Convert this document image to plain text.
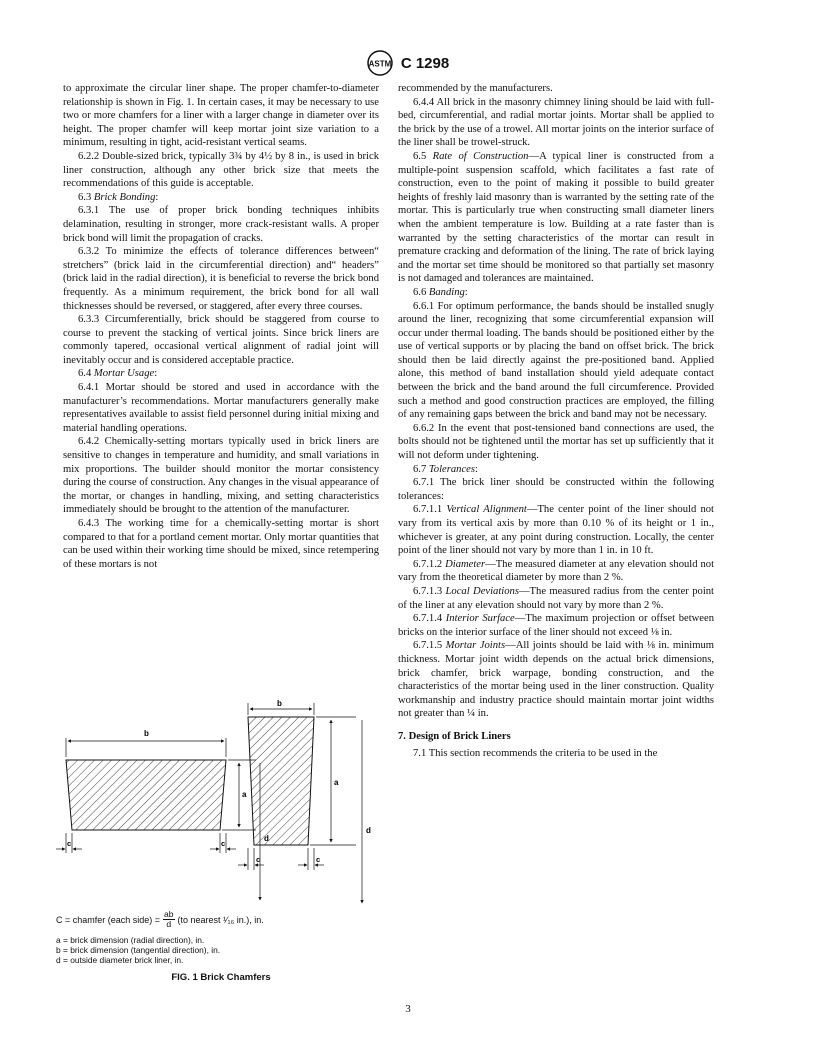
ASTM C 1298

to approximate the circular liner shape. The proper chamfer-to-diameter relationship is shown in Fig. 1. In certain cases, it may be necessary to use two or more chamfers for a liner with a larger change in diameter over its height. The proper chamfer will keep mortar joint size variation to a minimum, resulting in tight, acid-resistant vertical seams.

6.2.2 Double-sized brick, typically 3¾ by 4½ by 8 in., is used in brick liner construction, although any other brick size that meets the recommendations of this guide is acceptable.

6.3 Brick Bonding:

6.3.1 The use of proper brick bonding techniques inhibits delamination, resulting in stronger, more crack-resistant walls. A proper brick bond will limit the propagation of cracks.

6.3.2 To minimize the effects of tolerance differences between“ stretchers” (brick laid in the circumferential direction) and“ headers” (brick laid in the radial direction), it is beneficial to reverse the brick bond frequently. As a minimum requirement, the brick bond for all wall thicknesses should be reversed, or staggered, after every three courses.

6.3.3 Circumferentially, brick should be staggered from course to course to prevent the stacking of vertical joints. Since brick liners are commonly tapered, occasional vertical alignment of radial joint will inevitably occur and is considered acceptable practice.

6.4 Mortar Usage:

6.4.1 Mortar should be stored and used in accordance with the manufacturer’s recommendations. Mortar manufacturers generally make representatives available to assist field personnel during initial mixing and material handling operations.

6.4.2 Chemically-setting mortars typically used in brick liners are sensitive to changes in temperature and humidity, and small variations in mix proportions. The builder should monitor the mortar consistency during the course of construction. Any changes in the visual appearance of the mortar, or changes in handling, mixing, and setting characteristics immediately should be brought to the attention of the manufacturer.

6.4.3 The working time for a chemically-setting mortar is short compared to that for a portland cement mortar. Only mortar quantities that can be used within their working time should be mixed, since retempering of these mortars is not

recommended by the manufacturers.

6.4.4 All brick in the masonry chimney lining should be laid with full-bed, circumferential, and radial mortar joints. Mortar shall be applied to the brick by the use of a trowel. All mortar joints on the interior surface of the liner shall be trowel-struck.

6.5 Rate of Construction—A typical liner is constructed from a multiple-point suspension scaffold, which facilitates a fast rate of construction, even to the point of making it possible to build greater heights of freshly laid masonry than is warranted by the setting rate of the mortar. This is particularly true when constructing small diameter liners when the ambient temperature is low. Building at a rate faster than is warranted by the setting characteristics of the mortar can result in premature cracking and deformation of the lining. The rate of brick laying and the mortar set time should be monitored so that partially set masonry is not damaged and tolerances are maintained.

6.6 Banding:

6.6.1 For optimum performance, the bands should be installed snugly around the liner, recognizing that some circumferential expansion will occur under thermal loading. The bands should be positioned either by the use of vertical supports or by placing the band on offset brick. The brick should then be laid directly against the pre-positioned band. Applied alone, this method of band installation should yield adequate contact between the brick and the band around the full circumference. Provided such a method and good construction practices are employed, the filling of any remaining gaps between the brick and band may not be necessary.

6.6.2 In the event that post-tensioned band connections are used, the bolts should not be tightened until the mortar has set up sufficiently that it will not deform under tightening.

6.7 Tolerances:

6.7.1 The brick liner should be constructed within the following tolerances:

6.7.1.1 Vertical Alignment—The center point of the liner should not vary from its vertical axis by more than 0.10 % of its height or 1 in., whichever is greater, at any point during construction. Locally, the center point of the liner should not vary by more than 1 in. in 10 ft.

6.7.1.2 Diameter—The measured diameter at any elevation should not vary from the theoretical diameter by more than 2 %.

6.7.1.3 Local Deviations—The measured radius from the center point of the liner at any elevation should not vary by more than 2 %.

6.7.1.4 Interior Surface—The maximum projection or offset between bricks on the interior surface of the liner should not exceed ⅛ in.

6.7.1.5 Mortar Joints—All joints should be laid with ⅛ in. minimum thickness. Mortar joint width depends on the actual brick dimensions, brick chamfer, brick warpage, bonding construction, and the characteristics of the mortar being used in the liner construction. Quality workmanship and industry practice should maintain mortar joint widths not greater than ¼ in.

7. Design of Brick Liners

7.1 This section recommends the criteria to be used in the

b
a
c	c
b
a
d
c	c
C = chamfer (each side) = $\frac{ab}{d} (to$ nearest ¹⁄₁₆ in.), in.
a = brick dimension (radial direction), in.
b = brick dimension (tangential direction), in.
d = outside diameter brick liner, in.
FIG. 1 Brick Chamfers
3
